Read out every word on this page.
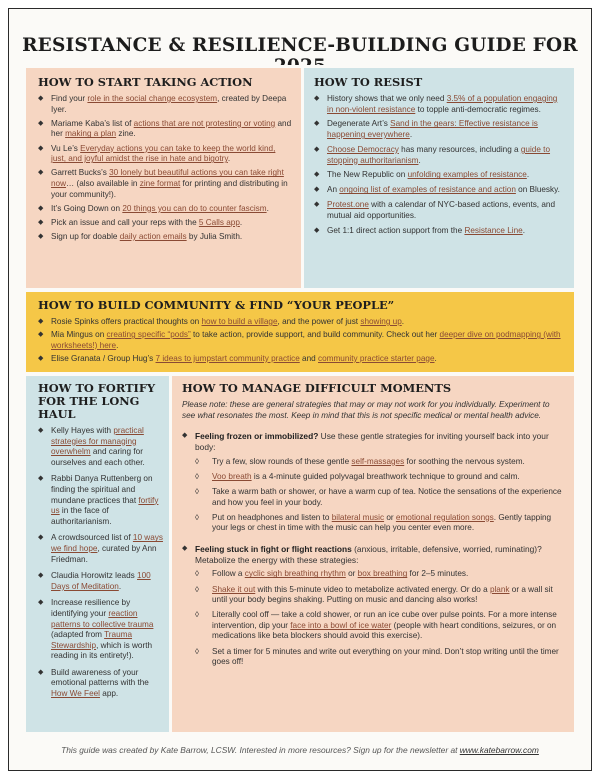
RESISTANCE & RESILIENCE-BUILDING GUIDE FOR
HOW TO START TAKING ACTION
◆ Find your role in the social change ecosystem, created by Deepa Iyer.
◆ Mariame Kaba’s list of actions that are not protesting or voting and her making a plan zine.
◆ Vu Le’s Everyday actions you can take to keep the world kind, just, and joyful amidst the rise in hate and bigotry.
◆ Garrett Bucks’s 30 lonely but beautiful actions you can take right now… (also available in zine format for printing and distributing in your community!).
◆ It’s Going Down on 20 things you can do to counter fascism.
◆ Pick an issue and call your reps with the 5 Calls app.
◆ Sign up for doable daily action emails by Julia Smith.
HOW TO RESIST
◆ History shows that we only need 3.5% of a population engaging in non-violent resistance to topple anti-democratic regimes.
◆ Degenerate Art’s Sand in the gears: Effective resistance is happening everywhere.
◆ Choose Democracy has many resources, including a guide to stopping authoritarianism.
◆ The New Republic on unfolding examples of resistance.
◆ An ongoing list of examples of resistance and action on Bluesky.
◆ Protest.one with a calendar of NYC-based actions, events, and mutual aid opportunities.
◆ Get 1:1 direct action support from the Resistance Line.
HOW TO BUILD COMMUNITY & FIND “YOUR PEOPLE”
◆ Rosie Spinks offers practical thoughts on how to build a village, and the power of just showing up.
◆ Mia Mingus on creating specific “pods” to take action, provide support, and build community. Check out her deeper dive on podmapping (with worksheets!) here.
◆ Elise Granata / Group Hug’s 7 ideas to jumpstart community practice and community practice starter page.
HOW TO FORTIFY FOR THE LONG HAUL
◆ Kelly Hayes with practical strategies for managing overwhelm and caring for ourselves and each other.
◆ Rabbi Danya Ruttenberg on finding the spiritual and mundane practices that fortify us in the face of authoritarianism.
◆ A crowdsourced list of 10 ways we find hope, curated by Ann Friedman.
◆ Claudia Horowitz leads 100 Days of Meditation.
◆ Increase resilience by identifying your reaction patterns to collective trauma (adapted from Trauma Stewardship, which is worth reading in its entirety!).
◆ Build awareness of your emotional patterns with the How We Feel app.
HOW TO MANAGE DIFFICULT MOMENTS
Please note: these are general strategies that may or may not work for you individually. Experiment to see what resonates the most. Keep in mind that this is not specific medical or mental health advice.
◆ Feeling frozen or immobilized? Use these gentle strategies for inviting yourself back into your body:
◊ Try a few, slow rounds of these gentle self-massages for soothing the nervous system.
◊ Voo breath is a 4-minute guided polyvagal breathwork technique to ground and calm.
◊ Take a warm bath or shower, or have a warm cup of tea. Notice the sensations of the experience and how you feel in your body.
◊ Put on headphones and listen to bilateral music or emotional regulation songs. Gently tapping your legs or chest in time with the music can help you center even more.
◆ Feeling stuck in fight or flight reactions (anxious, irritable, defensive, worried, ruminating)? Metabolize the energy with these strategies:
◊ Follow a cyclic sigh breathing rhythm or box breathing for 2–5 minutes.
◊ Shake it out with this 5-minute video to metabolize activated energy. Or do a plank or a wall sit until your body begins shaking. Putting on music and dancing also works!
◊ Literally cool off — take a cold shower, or run an ice cube over pulse points. For a more intense intervention, dip your face into a bowl of ice water (people with heart conditions, seizures, or on medications like beta blockers should avoid this exercise).
◊ Set a timer for 5 minutes and write out everything on your mind. Don’t stop writing until the timer goes off!
This guide was created by Kate Barrow, LCSW. Interested in more resources? Sign up for the newsletter at www.katebarrow.com
